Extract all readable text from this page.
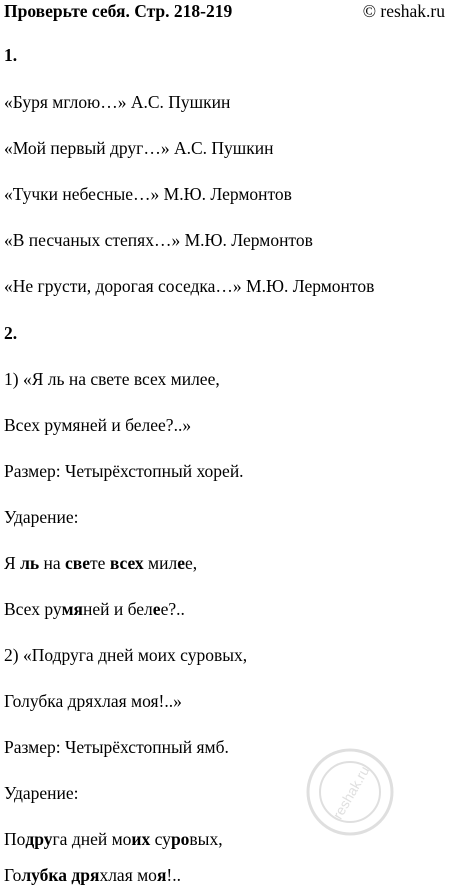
Проверьте себя. Стр. 218-219	© reshak.ru
1.
«Буря мглою…» А.С. Пушкин
«Мой первый друг…» А.С. Пушкин
«Тучки небесные…» М.Ю. Лермонтов
«В песчаных степях…» М.Ю. Лермонтов
«Не грусти, дорогая соседка…» М.Ю. Лермонтов
2.
1) «Я ль на свете всех милее,
Всех румяней и белее?..»
Размер: Четырёхстопный хорей.
Ударение:
Я ль на свете всех милее,
Всех румяней и белее?..
2) «Подруга дней моих суровых,
Голубка дряхлая моя!..»
Размер: Четырёхстопный ямб.
Ударение:
Подруга дней моих суровых,
Голубка дряхлая моя!..
reshak.ru
